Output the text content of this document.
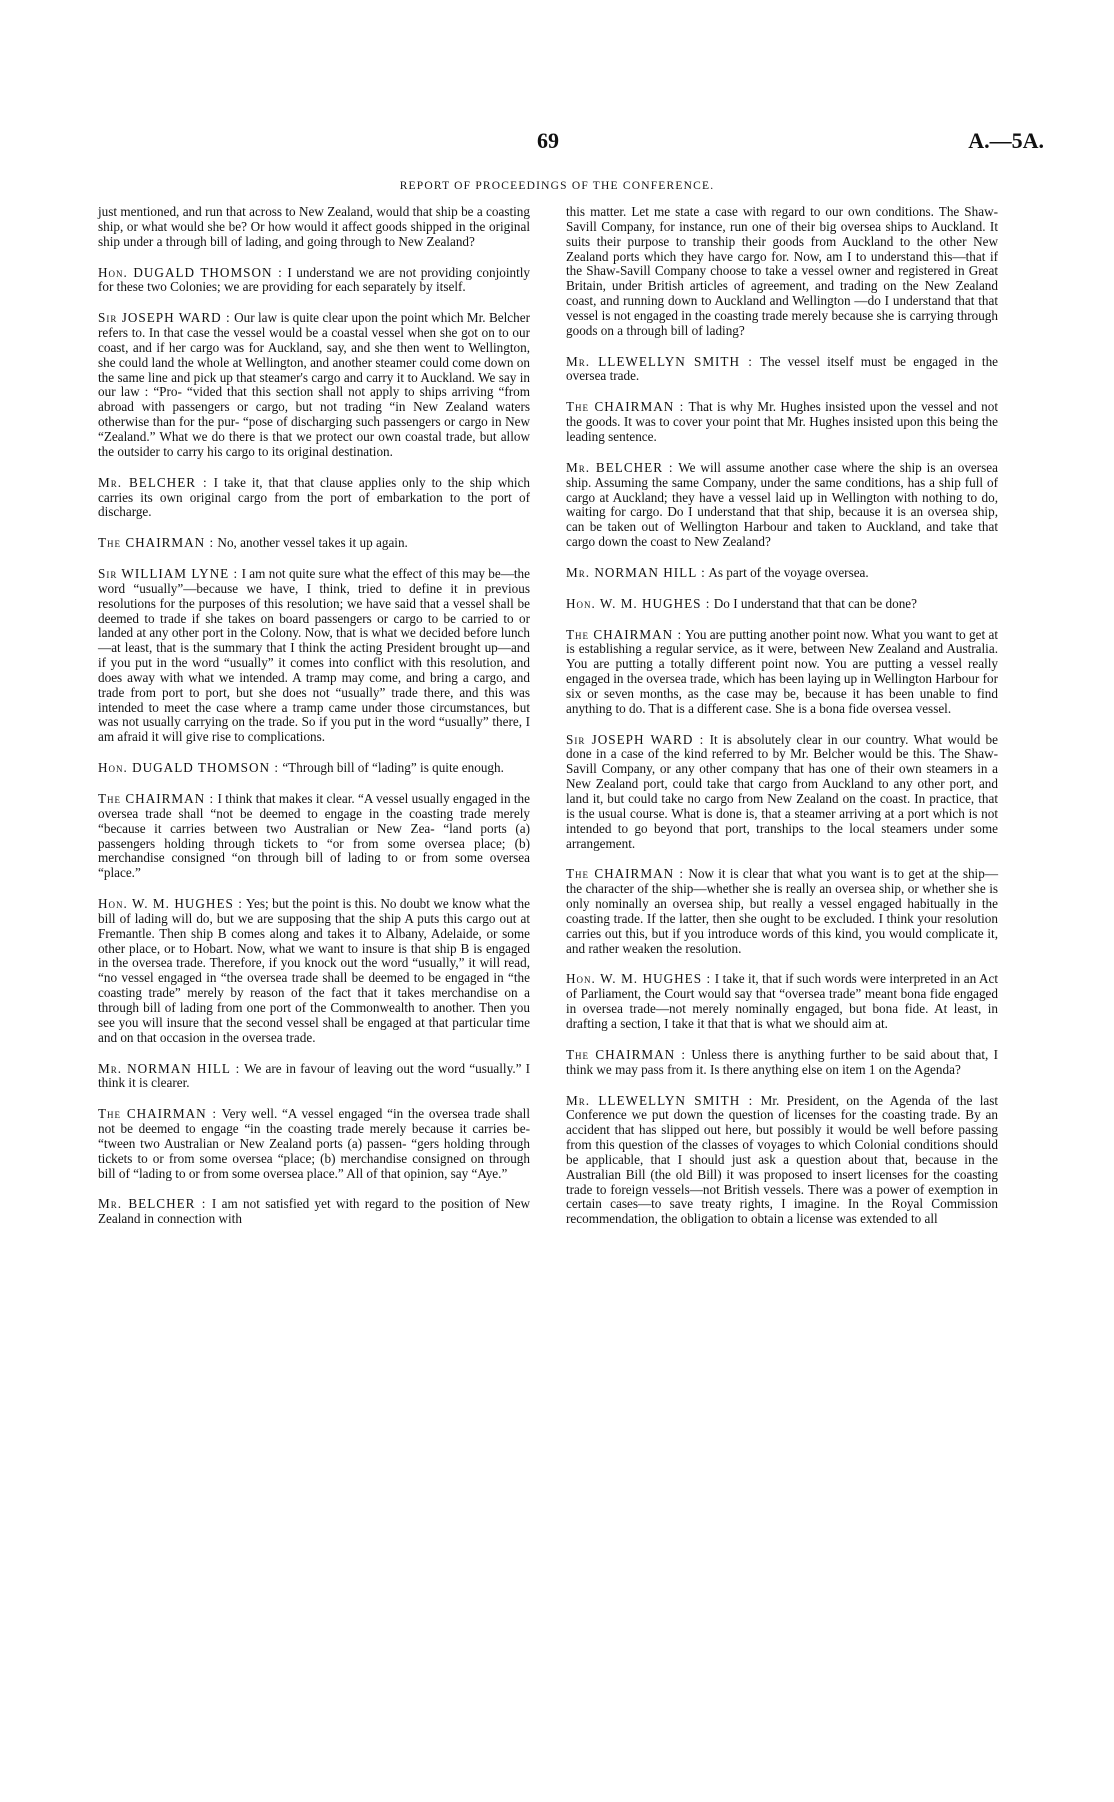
69	A.—5A.
REPORT OF PROCEEDINGS OF THE CONFERENCE.

just mentioned, and run that across to New Zealand, would that ship be a coasting ship, or what would she be? Or how would it affect goods shipped in the original ship under a through bill of lading, and going through to New Zealand?

Hon. DUGALD THOMSON : I understand we are not providing conjointly for these two Colonies; we are providing for each separately by itself.

Sir JOSEPH WARD : Our law is quite clear upon the point which Mr. Belcher refers to. In that case the vessel would be a coastal vessel when she got on to our coast, and if her cargo was for Auckland, say, and she then went to Wellington, she could land the whole at Wellington, and another steamer could come down on the same line and pick up that steamer's cargo and carry it to Auckland. We say in our law : “Pro- “vided that this section shall not apply to ships arriving “from abroad with passengers or cargo, but not trading “in New Zealand waters otherwise than for the pur- “pose of discharging such passengers or cargo in New “Zealand.” What we do there is that we protect our own coastal trade, but allow the outsider to carry his cargo to its original destination.

Mr. BELCHER : I take it, that that clause applies only to the ship which carries its own original cargo from the port of embarkation to the port of discharge.

The CHAIRMAN : No, another vessel takes it up again.

Sir WILLIAM LYNE : I am not quite sure what the effect of this may be—the word “usually”—because we have, I think, tried to define it in previous resolutions for the purposes of this resolution; we have said that a vessel shall be deemed to trade if she takes on board passengers or cargo to be carried to or landed at any other port in the Colony. Now, that is what we decided before lunch—at least, that is the summary that I think the acting President brought up—and if you put in the word “usually” it comes into conflict with this resolution, and does away with what we intended. A tramp may come, and bring a cargo, and trade from port to port, but she does not “usually” trade there, and this was intended to meet the case where a tramp came under those circumstances, but was not usually carrying on the trade. So if you put in the word “usually” there, I am afraid it will give rise to complications.

Hon. DUGALD THOMSON : “Through bill of “lading” is quite enough.

The CHAIRMAN : I think that makes it clear. “A vessel usually engaged in the oversea trade shall “not be deemed to engage in the coasting trade merely “because it carries between two Australian or New Zea- “land ports (a) passengers holding through tickets to “or from some oversea place; (b) merchandise consigned “on through bill of lading to or from some oversea “place.”

Hon. W. M. HUGHES : Yes; but the point is this. No doubt we know what the bill of lading will do, but we are supposing that the ship A puts this cargo out at Fremantle. Then ship B comes along and takes it to Albany, Adelaide, or some other place, or to Hobart. Now, what we want to insure is that ship B is engaged in the oversea trade. Therefore, if you knock out the word “usually,” it will read, “no vessel engaged in “the oversea trade shall be deemed to be engaged in “the coasting trade” merely by reason of the fact that it takes merchandise on a through bill of lading from one port of the Commonwealth to another. Then you see you will insure that the second vessel shall be engaged at that particular time and on that occasion in the oversea trade.

Mr. NORMAN HILL : We are in favour of leaving out the word “usually.” I think it is clearer.

The CHAIRMAN : Very well. “A vessel engaged “in the oversea trade shall not be deemed to engage “in the coasting trade merely because it carries be- “tween two Australian or New Zealand ports (a) passen- “gers holding through tickets to or from some oversea “place; (b) merchandise consigned on through bill of “lading to or from some oversea place.” All of that opinion, say “Aye.”

Mr. BELCHER : I am not satisfied yet with regard to the position of New Zealand in connection with

this matter. Let me state a case with regard to our own conditions. The Shaw-Savill Company, for instance, run one of their big oversea ships to Auckland. It suits their purpose to tranship their goods from Auckland to the other New Zealand ports which they have cargo for. Now, am I to understand this—that if the Shaw-Savill Company choose to take a vessel owner and registered in Great Britain, under British articles of agreement, and trading on the New Zealand coast, and running down to Auckland and Wellington —do I understand that that vessel is not engaged in the coasting trade merely because she is carrying through goods on a through bill of lading?

Mr. LLEWELLYN SMITH : The vessel itself must be engaged in the oversea trade.

The CHAIRMAN : That is why Mr. Hughes insisted upon the vessel and not the goods. It was to cover your point that Mr. Hughes insisted upon this being the leading sentence.

Mr. BELCHER : We will assume another case where the ship is an oversea ship. Assuming the same Company, under the same conditions, has a ship full of cargo at Auckland; they have a vessel laid up in Wellington with nothing to do, waiting for cargo. Do I understand that that ship, because it is an oversea ship, can be taken out of Wellington Harbour and taken to Auckland, and take that cargo down the coast to New Zealand?

Mr. NORMAN HILL : As part of the voyage oversea.

Hon. W. M. HUGHES : Do I understand that that can be done?

The CHAIRMAN : You are putting another point now. What you want to get at is establishing a regular service, as it were, between New Zealand and Australia. You are putting a totally different point now. You are putting a vessel really engaged in the oversea trade, which has been laying up in Wellington Harbour for six or seven months, as the case may be, because it has been unable to find anything to do. That is a different case. She is a bona fide oversea vessel.

Sir JOSEPH WARD : It is absolutely clear in our country. What would be done in a case of the kind referred to by Mr. Belcher would be this. The Shaw-Savill Company, or any other company that has one of their own steamers in a New Zealand port, could take that cargo from Auckland to any other port, and land it, but could take no cargo from New Zealand on the coast. In practice, that is the usual course. What is done is, that a steamer arriving at a port which is not intended to go beyond that port, tranships to the local steamers under some arrangement.

The CHAIRMAN : Now it is clear that what you want is to get at the ship—the character of the ship—whether she is really an oversea ship, or whether she is only nominally an oversea ship, but really a vessel engaged habitually in the coasting trade. If the latter, then she ought to be excluded. I think your resolution carries out this, but if you introduce words of this kind, you would complicate it, and rather weaken the resolution.

Hon. W. M. HUGHES : I take it, that if such words were interpreted in an Act of Parliament, the Court would say that “oversea trade” meant bona fide engaged in oversea trade—not merely nominally engaged, but bona fide. At least, in drafting a section, I take it that that is what we should aim at.

The CHAIRMAN : Unless there is anything further to be said about that, I think we may pass from it. Is there anything else on item 1 on the Agenda?

Mr. LLEWELLYN SMITH : Mr. President, on the Agenda of the last Conference we put down the question of licenses for the coasting trade. By an accident that has slipped out here, but possibly it would be well before passing from this question of the classes of voyages to which Colonial conditions should be applicable, that I should just ask a question about that, because in the Australian Bill (the old Bill) it was proposed to insert licenses for the coasting trade to foreign vessels—not British vessels. There was a power of exemption in certain cases—to save treaty rights, I imagine. In the Royal Commission recommendation, the obligation to obtain a license was extended to all
